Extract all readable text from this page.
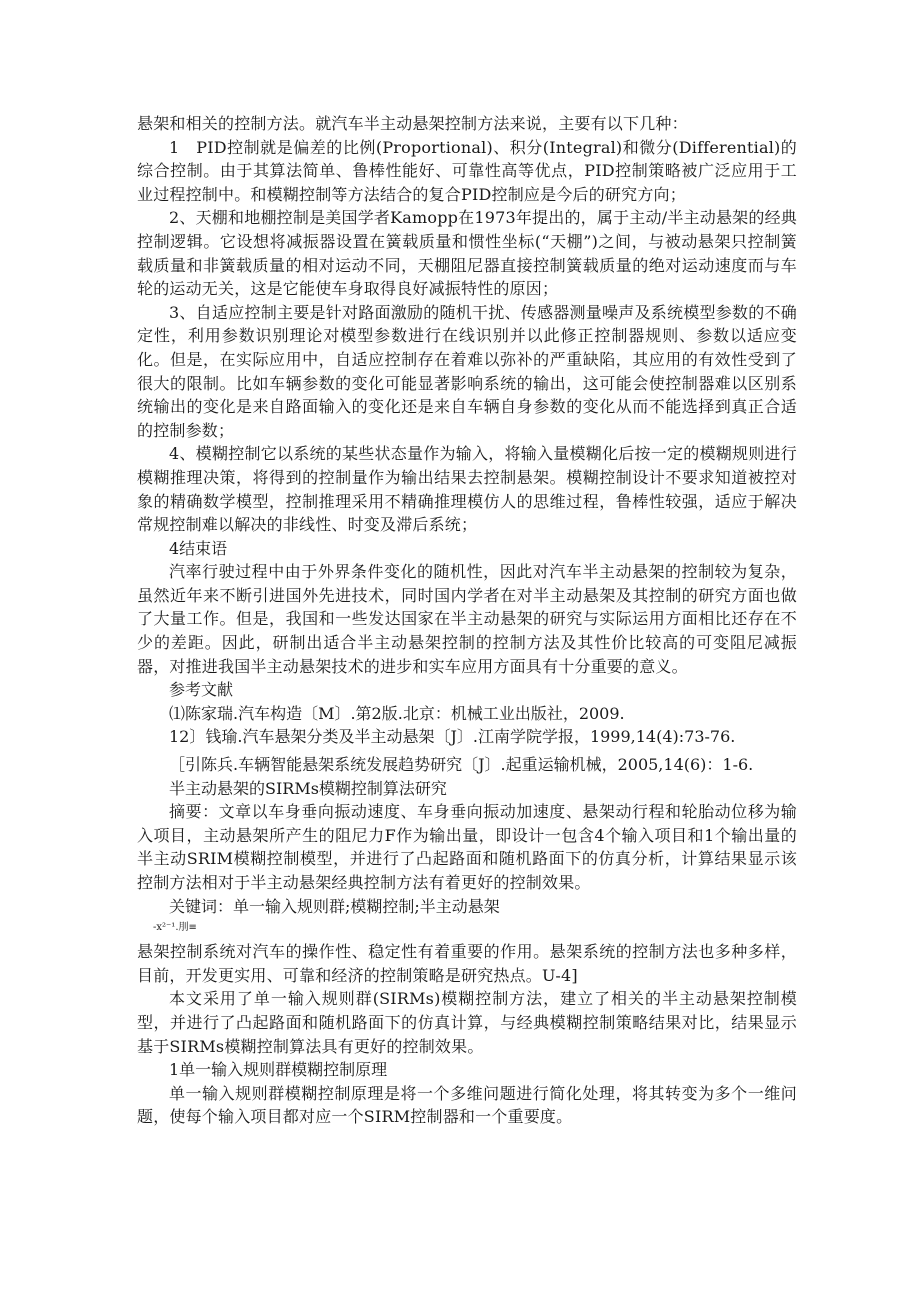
悬架和相关的控制方法。就汽车半主动悬架控制方法来说，主要有以下几种：

1　PID控制就是偏差的比例(Proportional)、积分(Integral)和微分(Differential)的综合控制。由于其算法简单、鲁棒性能好、可靠性高等优点，PID控制策略被广泛应用于工业过程控制中。和模糊控制等方法结合的复合PID控制应是今后的研究方向；

2、天棚和地棚控制是美国学者Kamopp在1973年提出的，属于主动/半主动悬架的经典控制逻辑。它设想将减振器设置在簧载质量和惯性坐标(“天棚”)之间，与被动悬架只控制簧载质量和非簧载质量的相对运动不同，天棚阻尼器直接控制簧载质量的绝对运动速度而与车轮的运动无关，这是它能使车身取得良好减振特性的原因；

3、自适应控制主要是针对路面激励的随机干扰、传感器测量噪声及系统模型参数的不确定性，利用参数识别理论对模型参数进行在线识别并以此修正控制器规则、参数以适应变化。但是，在实际应用中，自适应控制存在着难以弥补的严重缺陷，其应用的有效性受到了很大的限制。比如车辆参数的变化可能显著影响系统的输出，这可能会使控制器难以区别系统输出的变化是来自路面输入的变化还是来自车辆自身参数的变化从而不能选择到真正合适的控制参数；

4、模糊控制它以系统的某些状态量作为输入，将输入量模糊化后按一定的模糊规则进行模糊推理决策，将得到的控制量作为输出结果去控制悬架。模糊控制设计不要求知道被控对象的精确数学模型，控制推理采用不精确推理模仿人的思维过程，鲁棒性较强，适应于解决常规控制难以解决的非线性、时变及滞后系统；

4结束语

汽率行驶过程中由于外界条件变化的随机性，因此对汽车半主动悬架的控制较为复杂，虽然近年来不断引进国外先进技术，同时国内学者在对半主动悬架及其控制的研究方面也做了大量工作。但是，我国和一些发达国家在半主动悬架的研究与实际运用方面相比还存在不少的差距。因此，研制出适合半主动悬架控制的控制方法及其性价比较高的可变阻尼减振器，对推进我国半主动悬架技术的进步和实车应用方面具有十分重要的意义。

参考文献

⑴陈家瑞.汽车构造〔M〕.第2版.北京：机械工业出版社，2009.

12〕钱瑜.汽车悬架分类及半主动悬架〔J〕.江南学院学报，1999,14(4):73-76.

［引陈兵.车辆智能悬架系统发展趋势研究〔J〕.起重运输机械，2005,14(6)：1-6.

半主动悬架的SIRMs模糊控制算法研究

摘要：文章以车身垂向振动速度、车身垂向振动加速度、悬架动行程和轮胎动位移为输入项目，主动悬架所产生的阻尼力F作为输出量，即设计一包含4个输入项目和1个输出量的半主动SRIM模糊控制模型，并进行了凸起路面和随机路面下的仿真分析，计算结果显示该控制方法相对于半主动悬架经典控制方法有着更好的控制效果。

关键词：单一输入规则群;模糊控制;半主动悬架

-х²⁻¹.刖≡

悬架控制系统对汽车的操作性、稳定性有着重要的作用。悬架系统的控制方法也多种多样，目前，开发更实用、可靠和经济的控制策略是研究热点。U-4]

本文采用了单一输入规则群(SIRMs)模糊控制方法，建立了相关的半主动悬架控制模型，并进行了凸起路面和随机路面下的仿真计算，与经典模糊控制策略结果对比，结果显示基于SIRMs模糊控制算法具有更好的控制效果。

1单一输入规则群模糊控制原理

单一输入规则群模糊控制原理是将一个多维问题进行简化处理，将其转变为多个一维问题，使每个输入项目都对应一个SIRM控制器和一个重要度。
